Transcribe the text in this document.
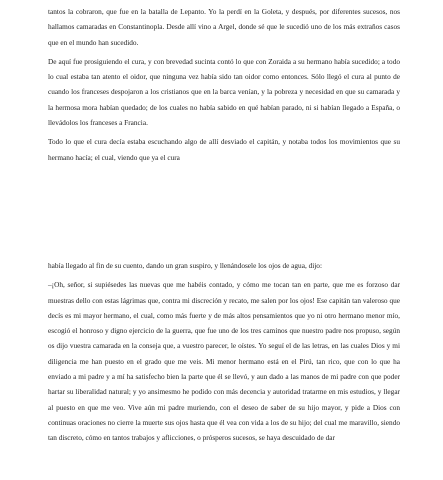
tantos la cobraron, que fue en la batalla de Lepanto. Yo la perdí en la Goleta, y después, por diferentes sucesos, nos hallamos camaradas en Constantinopla. Desde allí vino a Argel, donde sé que le sucedió uno de los más extraños casos que en el mundo han sucedido.

De aquí fue prosiguiendo el cura, y con brevedad sucinta contó lo que con Zoraida a su hermano había sucedido; a todo lo cual estaba tan atento el oidor, que ninguna vez había sido tan oidor como entonces. Sólo llegó el cura al punto de cuando los franceses despojaron a los cristianos que en la barca venían, y la pobreza y necesidad en que su camarada y la hermosa mora habían quedado; de los cuales no había sabido en qué habían parado, ni si habían llegado a España, o llevádolos los franceses a Francia.

Todo lo que el cura decía estaba escuchando algo de allí desviado el capitán, y notaba todos los movimientos que su hermano hacía; el cual, viendo que ya el cura

había llegado al fin de su cuento, dando un gran suspiro, y llenándosele los ojos de agua, dijo:

–¡Oh, señor, si supiésedes las nuevas que me habéis contado, y cómo me tocan tan en parte, que me es forzoso dar muestras dello con estas lágrimas que, contra mi discreción y recato, me salen por los ojos! Ese capitán tan valeroso que decís es mi mayor hermano, el cual, como más fuerte y de más altos pensamientos que yo ni otro hermano menor mío, escogió el honroso y digno ejercicio de la guerra, que fue uno de los tres caminos que nuestro padre nos propuso, según os dijo vuestra camarada en la conseja que, a vuestro parecer, le oístes. Yo seguí el de las letras, en las cuales Dios y mi diligencia me han puesto en el grado que me veis. Mi menor hermano está en el Pirú, tan rico, que con lo que ha enviado a mi padre y a mí ha satisfecho bien la parte que él se llevó, y aun dado a las manos de mi padre con que poder hartar su liberalidad natural; y yo ansimesmo he podido con más decencia y autoridad tratarme en mis estudios, y llegar al puesto en que me veo. Vive aún mi padre muriendo, con el deseo de saber de su hijo mayor, y pide a Dios con continuas oraciones no cierre la muerte sus ojos hasta que él vea con vida a los de su hijo; del cual me maravillo, siendo tan discreto, cómo en tantos trabajos y aflicciones, o prósperos sucesos, se haya descuidado de dar
